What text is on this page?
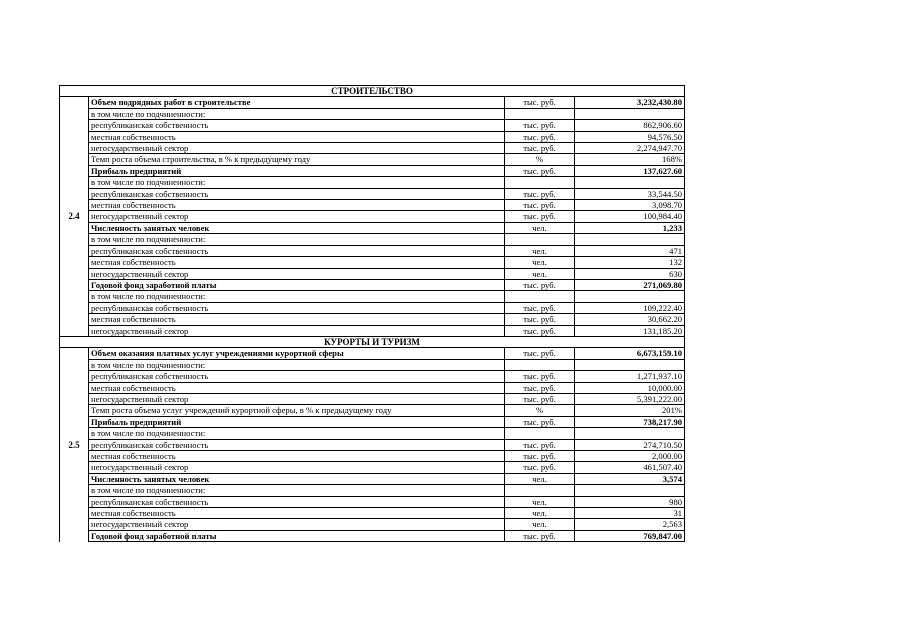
СТРОИТЕЛЬСТВО			
2.4	Объем подрядных работ в строительстве	тыс. руб.	3,232,430.80
	в том числе по подчиненности:		
	республиканская собственность	тыс. руб.	862,906.60
	местная собственность	тыс. руб.	94,576.50
	негосударственный сектор	тыс. руб.	2,274,947.70
	Темп роста объема строительства, в % к предыдущему году	%	168%
	Прибыль предприятий	тыс. руб.	137,627.60
	в том числе по подчиненности:		
	республиканская собственность	тыс. руб.	33,544.50
	местная собственность	тыс. руб.	3,098.70
	негосударственный сектор	тыс. руб.	100,984.40
	Численность занятых человек	чел.	1,233
	в том числе по подчиненности:		
	республиканская собственность	чел.	471
	местная собственность	чел.	132
	негосударственный сектор	чел.	630
	Годовой фонд заработной платы	тыс. руб.	271,069.80
	в том числе по подчиненности:		
	республиканская собственность	тыс. руб.	109,222.40
	местная собственность	тыс. руб.	30,662.20
	негосударственный сектор	тыс. руб.	131,185.20
КУРОРТЫ И ТУРИЗМ			
2.5	Объем оказания платных услуг учреждениями курортной сферы	тыс. руб.	6,673,159.10
	в том числе по подчиненности:		
	республиканская собственность	тыс. руб.	1,271,937.10
	местная собственность	тыс. руб.	10,000.00
	негосударственный сектор	тыс. руб.	5,391,222.00
	Темп роста объема услуг учреждений курортной сферы, в % к предыдущему году	%	201%
	Прибыль предприятий	тыс. руб.	738,217.90
	в том числе по подчиненности:		
	республиканская собственность	тыс. руб.	274,710.50
	местная собственность	тыс. руб.	2,000.00
	негосударственный сектор	тыс. руб.	461,507.40
	Численность занятых человек	чел.	3,574
	в том числе по подчиненности:		
	республиканская собственность	чел.	980
	местная собственность	чел.	31
	негосударственный сектор	чел.	2,563
	Годовой фонд заработной платы	тыс. руб.	769,847.00
